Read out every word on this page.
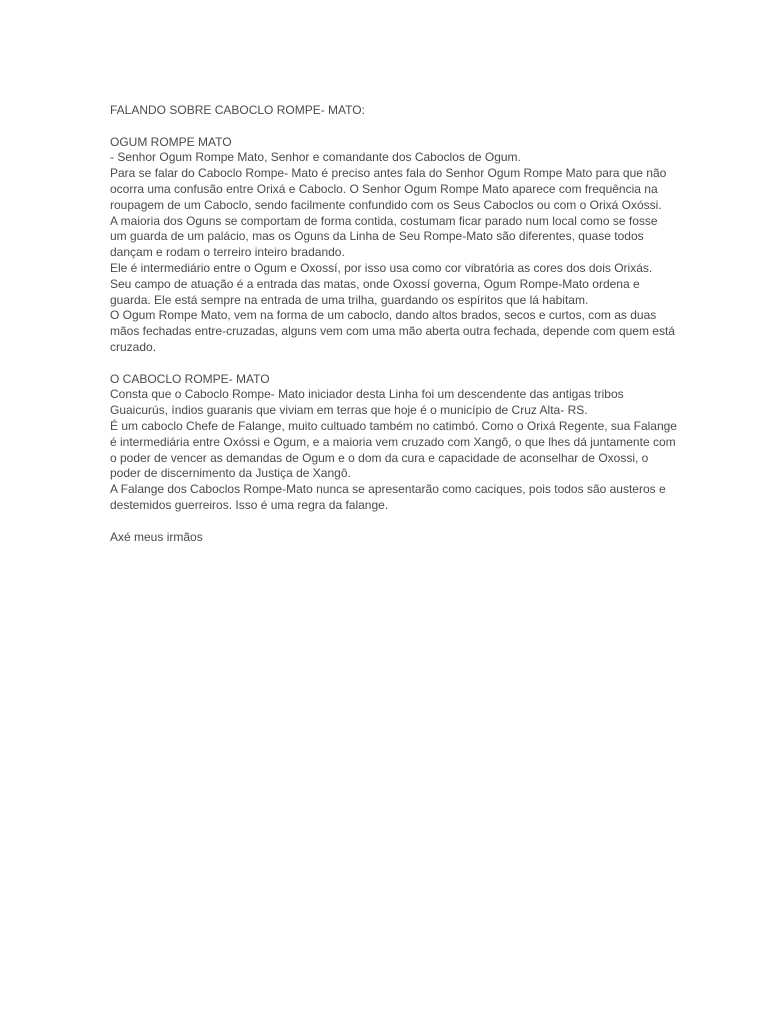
FALANDO SOBRE CABOCLO ROMPE- MATO:
OGUM ROMPE MATO
- Senhor Ogum Rompe Mato, Senhor e comandante dos Caboclos de Ogum.
Para se falar do Caboclo Rompe- Mato é preciso antes fala do Senhor Ogum Rompe Mato para que não
ocorra uma confusão entre Orixá e Caboclo. O Senhor Ogum Rompe Mato aparece com frequência na
roupagem de um Caboclo, sendo facilmente confundido com os Seus Caboclos ou com o Orixá Oxóssi.
A maioria dos Oguns se comportam de forma contida, costumam ficar parado num local como se fosse
um guarda de um palácio, mas os Oguns da Linha de Seu Rompe-Mato são diferentes, quase todos
dançam e rodam o terreiro inteiro bradando.
Ele é intermediário entre o Ogum e Oxossí, por isso usa como cor vibratória as cores dos dois Orixás.
Seu campo de atuação é a entrada das matas, onde Oxossí governa, Ogum Rompe-Mato ordena e
guarda. Ele está sempre na entrada de uma trilha, guardando os espíritos que lá habitam.
O Ogum Rompe Mato, vem na forma de um caboclo, dando altos brados, secos e curtos, com as duas
mãos fechadas entre-cruzadas, alguns vem com uma mão aberta outra fechada, depende com quem está
cruzado.
O CABOCLO ROMPE- MATO
Consta que o Caboclo Rompe- Mato iniciador desta Linha foi um descendente das antigas tribos
Guaicurús, índios guaranis que viviam em terras que hoje é o município de Cruz Alta- RS.
É um caboclo Chefe de Falange, muito cultuado também no catimbó. Como o Orixá Regente, sua Falange
é intermediária entre Oxóssi e Ogum, e a maioria vem cruzado com Xangô, o que lhes dá juntamente com
o poder de vencer as demandas de Ogum e o dom da cura e capacidade de aconselhar de Oxossi, o
poder de discernimento da Justiça de Xangô.
A Falange dos Caboclos Rompe-Mato nunca se apresentarão como caciques, pois todos são austeros e
destemidos guerreiros. Isso é uma regra da falange.
Axé meus irmãos
